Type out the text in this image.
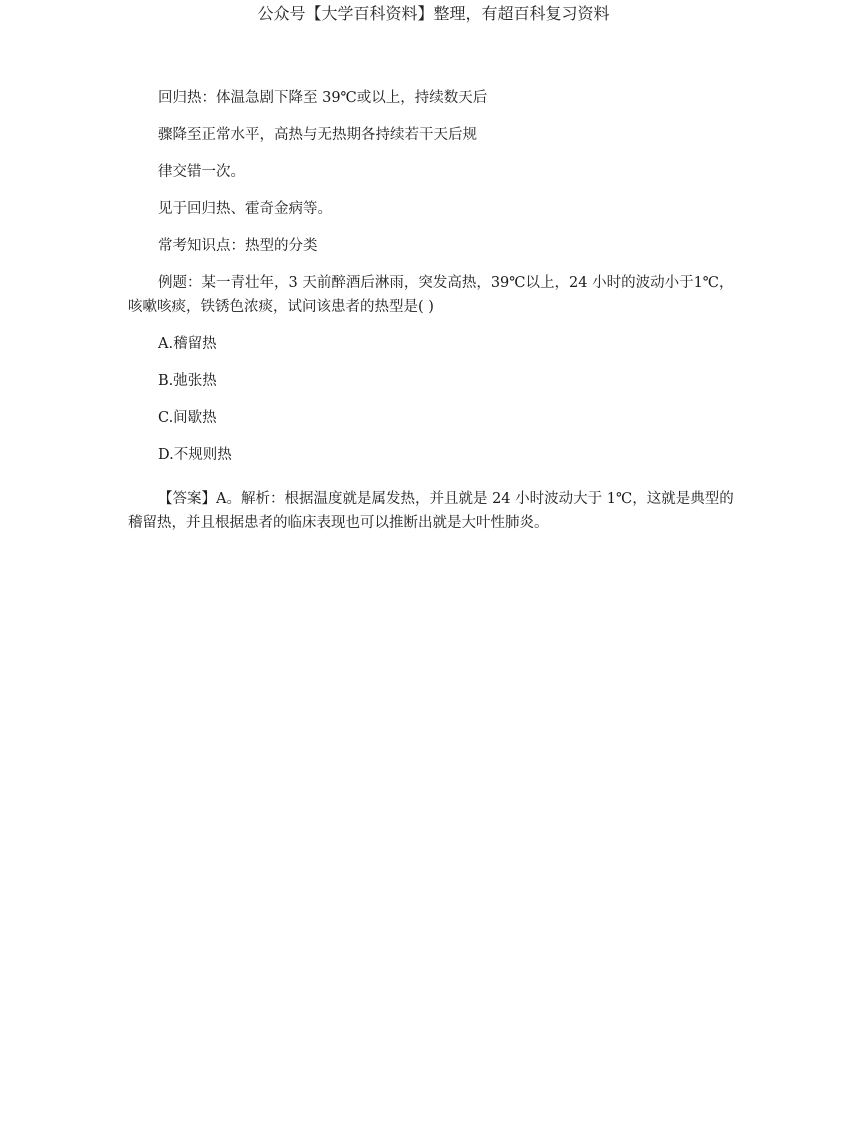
公众号【大学百科资料】整理，有超百科复习资料

回归热：体温急剧下降至 39℃或以上，持续数天后

骤降至正常水平，高热与无热期各持续若干天后规

律交错一次。

见于回归热、霍奇金病等。

常考知识点：热型的分类

例题：某一青壮年，3 天前醉酒后淋雨，突发高热，39℃以上，24 小时的波动小于1℃，咳嗽咳痰，铁锈色浓痰，试问该患者的热型是( )

A.稽留热

B.弛张热

C.间歇热

D.不规则热

【答案】A。解析：根据温度就是属发热，并且就是 24 小时波动大于 1℃，这就是典型的稽留热，并且根据患者的临床表现也可以推断出就是大叶性肺炎。
